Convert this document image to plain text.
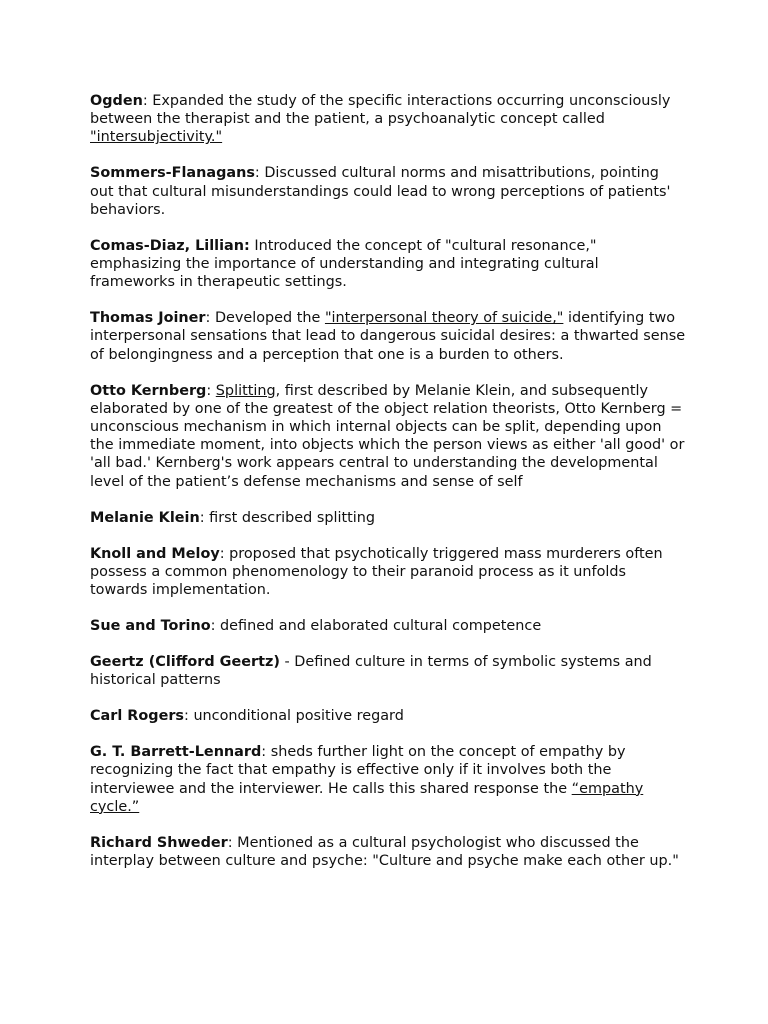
Ogden: Expanded the study of the specific interactions occurring unconsciously between the therapist and the patient, a psychoanalytic concept called "intersubjectivity."

Sommers-Flanagans: Discussed cultural norms and misattributions, pointing out that cultural misunderstandings could lead to wrong perceptions of patients' behaviors.

Comas-Diaz, Lillian: Introduced the concept of "cultural resonance," emphasizing the importance of understanding and integrating cultural frameworks in therapeutic settings.

Thomas Joiner: Developed the "interpersonal theory of suicide," identifying two interpersonal sensations that lead to dangerous suicidal desires: a thwarted sense of belongingness and a perception that one is a burden to others.

Otto Kernberg: Splitting, first described by Melanie Klein, and subsequently elaborated by one of the greatest of the object relation theorists, Otto Kernberg = unconscious mechanism in which internal objects can be split, depending upon the immediate moment, into objects which the person views as either 'all good' or 'all bad.' Kernberg's work appears central to understanding the developmental level of the patient’s defense mechanisms and sense of self

Melanie Klein: first described splitting

Knoll and Meloy: proposed that psychotically triggered mass murderers often possess a common phenomenology to their paranoid process as it unfolds towards implementation.

Sue and Torino: defined and elaborated cultural competence

Geertz (Clifford Geertz) - Defined culture in terms of symbolic systems and historical patterns

Carl Rogers: unconditional positive regard

G. T. Barrett-Lennard: sheds further light on the concept of empathy by recognizing the fact that empathy is effective only if it involves both the interviewee and the interviewer. He calls this shared response the “empathy cycle.”

Richard Shweder: Mentioned as a cultural psychologist who discussed the interplay between culture and psyche: "Culture and psyche make each other up."
